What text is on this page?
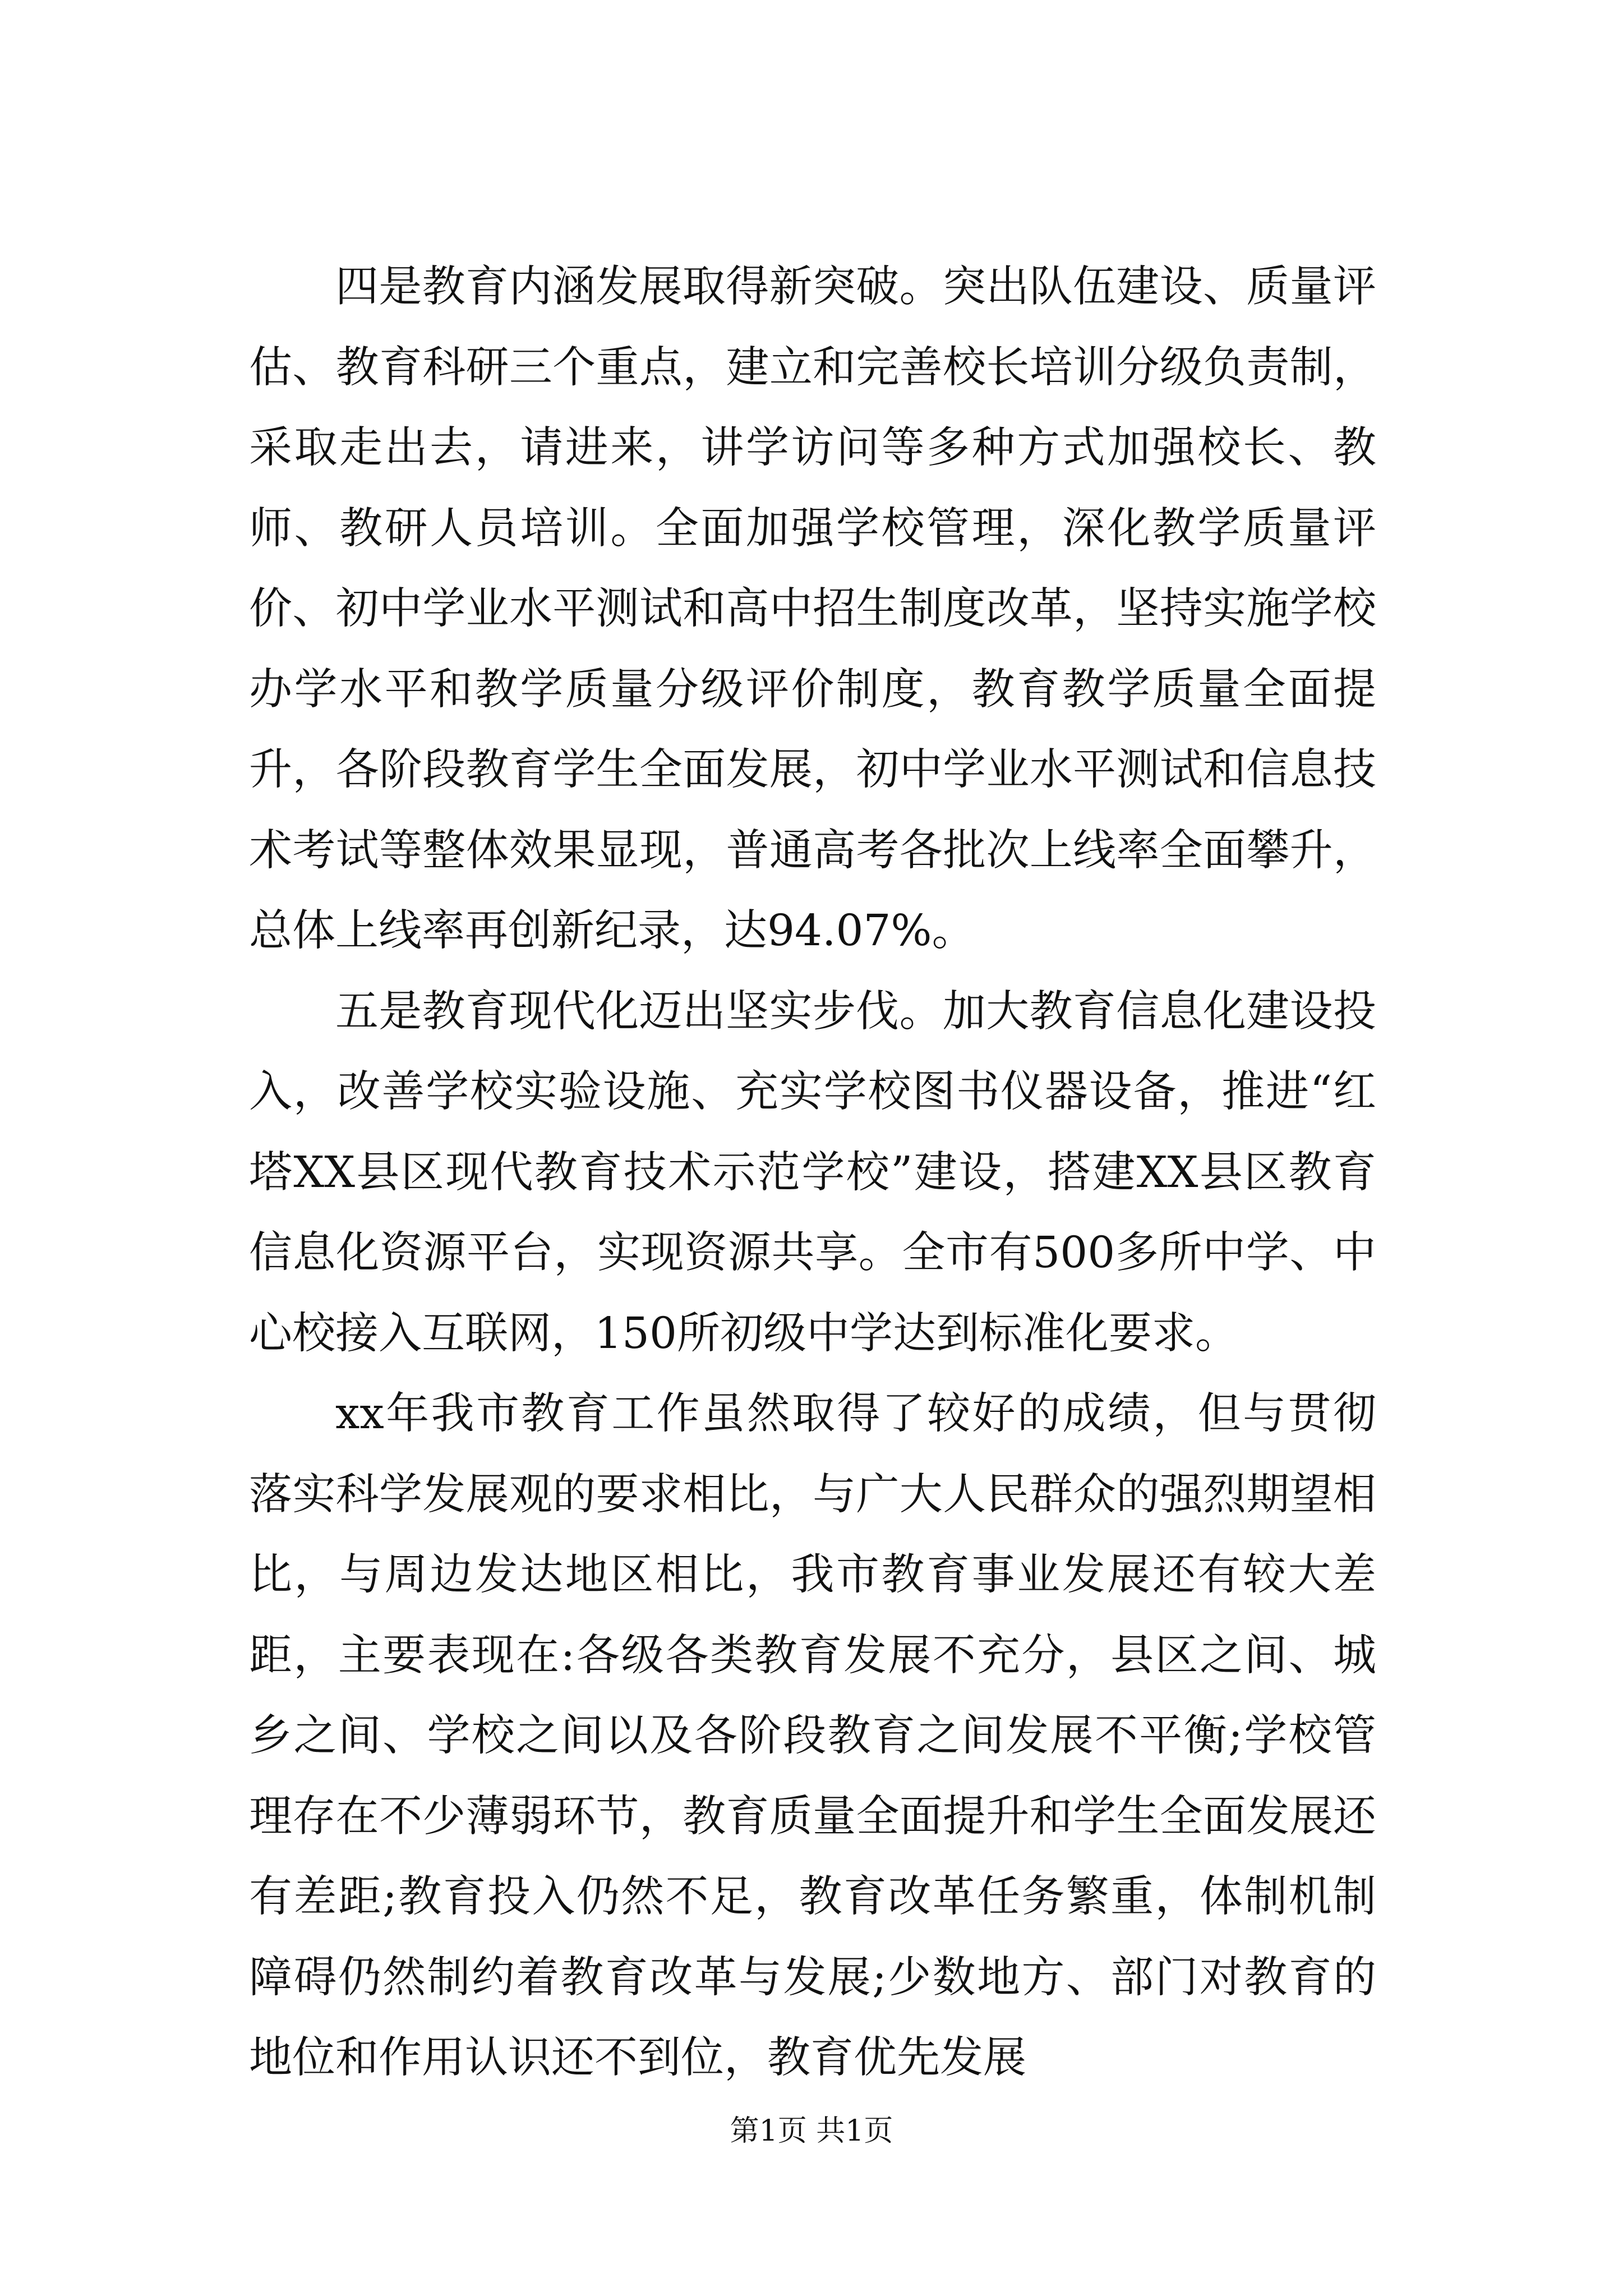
四是教育内涵发展取得新突破。突出队伍建设、质量评估、教育科研三个重点，建立和完善校长培训分级负责制，采取走出去，请进来，讲学访问等多种方式加强校长、教师、教研人员培训。全面加强学校管理，深化教学质量评价、初中学业水平测试和高中招生制度改革，坚持实施学校办学水平和教学质量分级评价制度，教育教学质量全面提升，各阶段教育学生全面发展，初中学业水平测试和信息技术考试等整体效果显现，普通高考各批次上线率全面攀升，总体上线率再创新纪录，达94.07%。

五是教育现代化迈出坚实步伐。加大教育信息化建设投入，改善学校实验设施、充实学校图书仪器设备，推进“红塔XX县区现代教育技术示范学校”建设，搭建XX县区教育信息化资源平台，实现资源共享。全市有500多所中学、中心校接入互联网，150所初级中学达到标准化要求。

xx年我市教育工作虽然取得了较好的成绩，但与贯彻落实科学发展观的要求相比，与广大人民群众的强烈期望相比，与周边发达地区相比，我市教育事业发展还有较大差距，主要表现在:各级各类教育发展不充分，县区之间、城乡之间、学校之间以及各阶段教育之间发展不平衡;学校管理存在不少薄弱环节，教育质量全面提升和学生全面发展还有差距;教育投入仍然不足，教育改革任务繁重，体制机制障碍仍然制约着教育改革与发展;少数地方、部门对教育的地位和作用认识还不到位，教育优先发展

第1页 共1页
